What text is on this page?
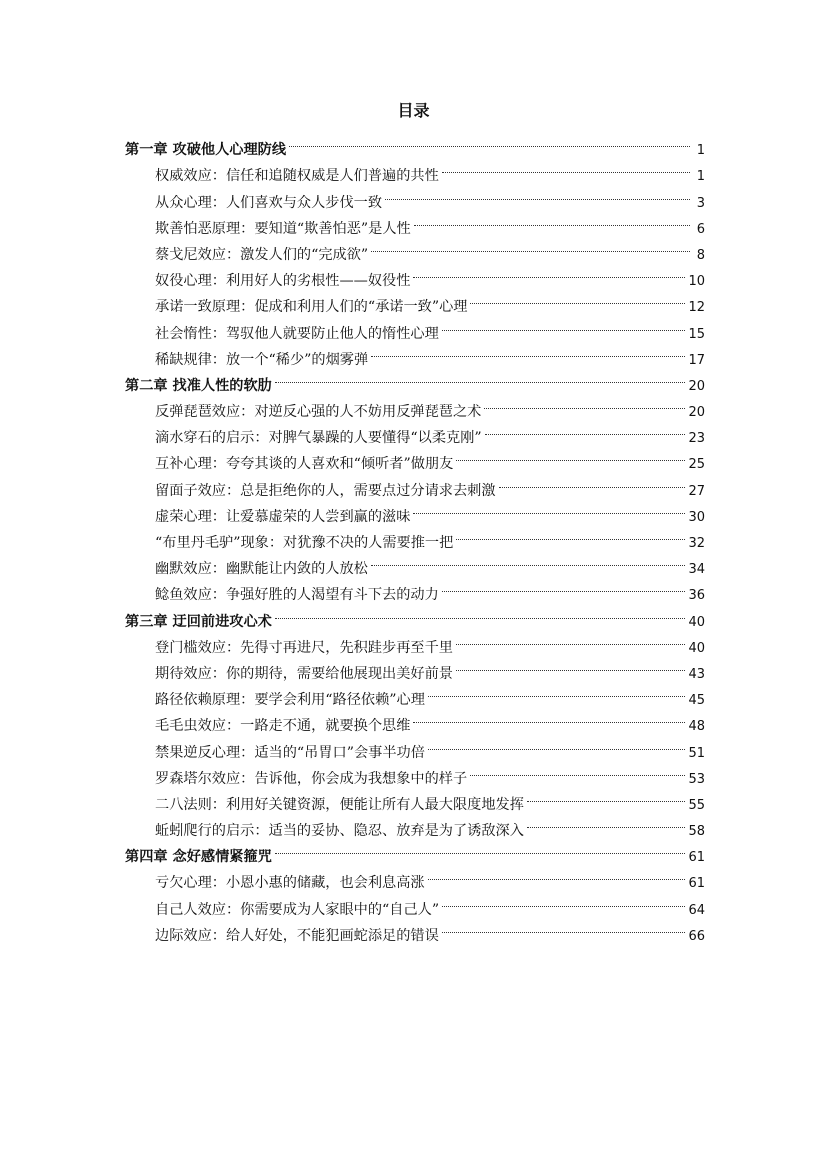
目录
第一章 攻破他人心理防线	1
权威效应：信任和追随权威是人们普遍的共性	1
从众心理：人们喜欢与众人步伐一致	3
欺善怕恶原理：要知道“欺善怕恶”是人性	6
蔡戈尼效应：激发人们的“完成欲”	8
奴役心理：利用好人的劣根性——奴役性	10
承诺一致原理：促成和利用人们的“承诺一致”心理	12
社会惰性：驾驭他人就要防止他人的惰性心理	15
稀缺规律：放一个“稀少”的烟雾弹	17
第二章 找准人性的软肋	20
反弹琵琶效应：对逆反心强的人不妨用反弹琵琶之术	20
滴水穿石的启示：对脾气暴躁的人要懂得“以柔克刚”	23
互补心理：夸夸其谈的人喜欢和“倾听者”做朋友	25
留面子效应：总是拒绝你的人，需要点过分请求去刺激	27
虚荣心理：让爱慕虚荣的人尝到赢的滋味	30
“布里丹毛驴”现象：对犹豫不决的人需要推一把	32
幽默效应：幽默能让内敛的人放松	34
鲶鱼效应：争强好胜的人渴望有斗下去的动力	36
第三章 迂回前进攻心术	40
登门槛效应：先得寸再进尺，先积跬步再至千里	40
期待效应：你的期待，需要给他展现出美好前景	43
路径依赖原理：要学会利用“路径依赖”心理	45
毛毛虫效应：一路走不通，就要换个思维	48
禁果逆反心理：适当的“吊胃口”会事半功倍	51
罗森塔尔效应：告诉他，你会成为我想象中的样子	53
二八法则：利用好关键资源，便能让所有人最大限度地发挥	55
蚯蚓爬行的启示：适当的妥协、隐忍、放弃是为了诱敌深入	58
第四章 念好感情紧箍咒	61
亏欠心理：小恩小惠的储藏，也会利息高涨	61
自己人效应：你需要成为人家眼中的“自己人”	64
边际效应：给人好处，不能犯画蛇添足的错误	66
